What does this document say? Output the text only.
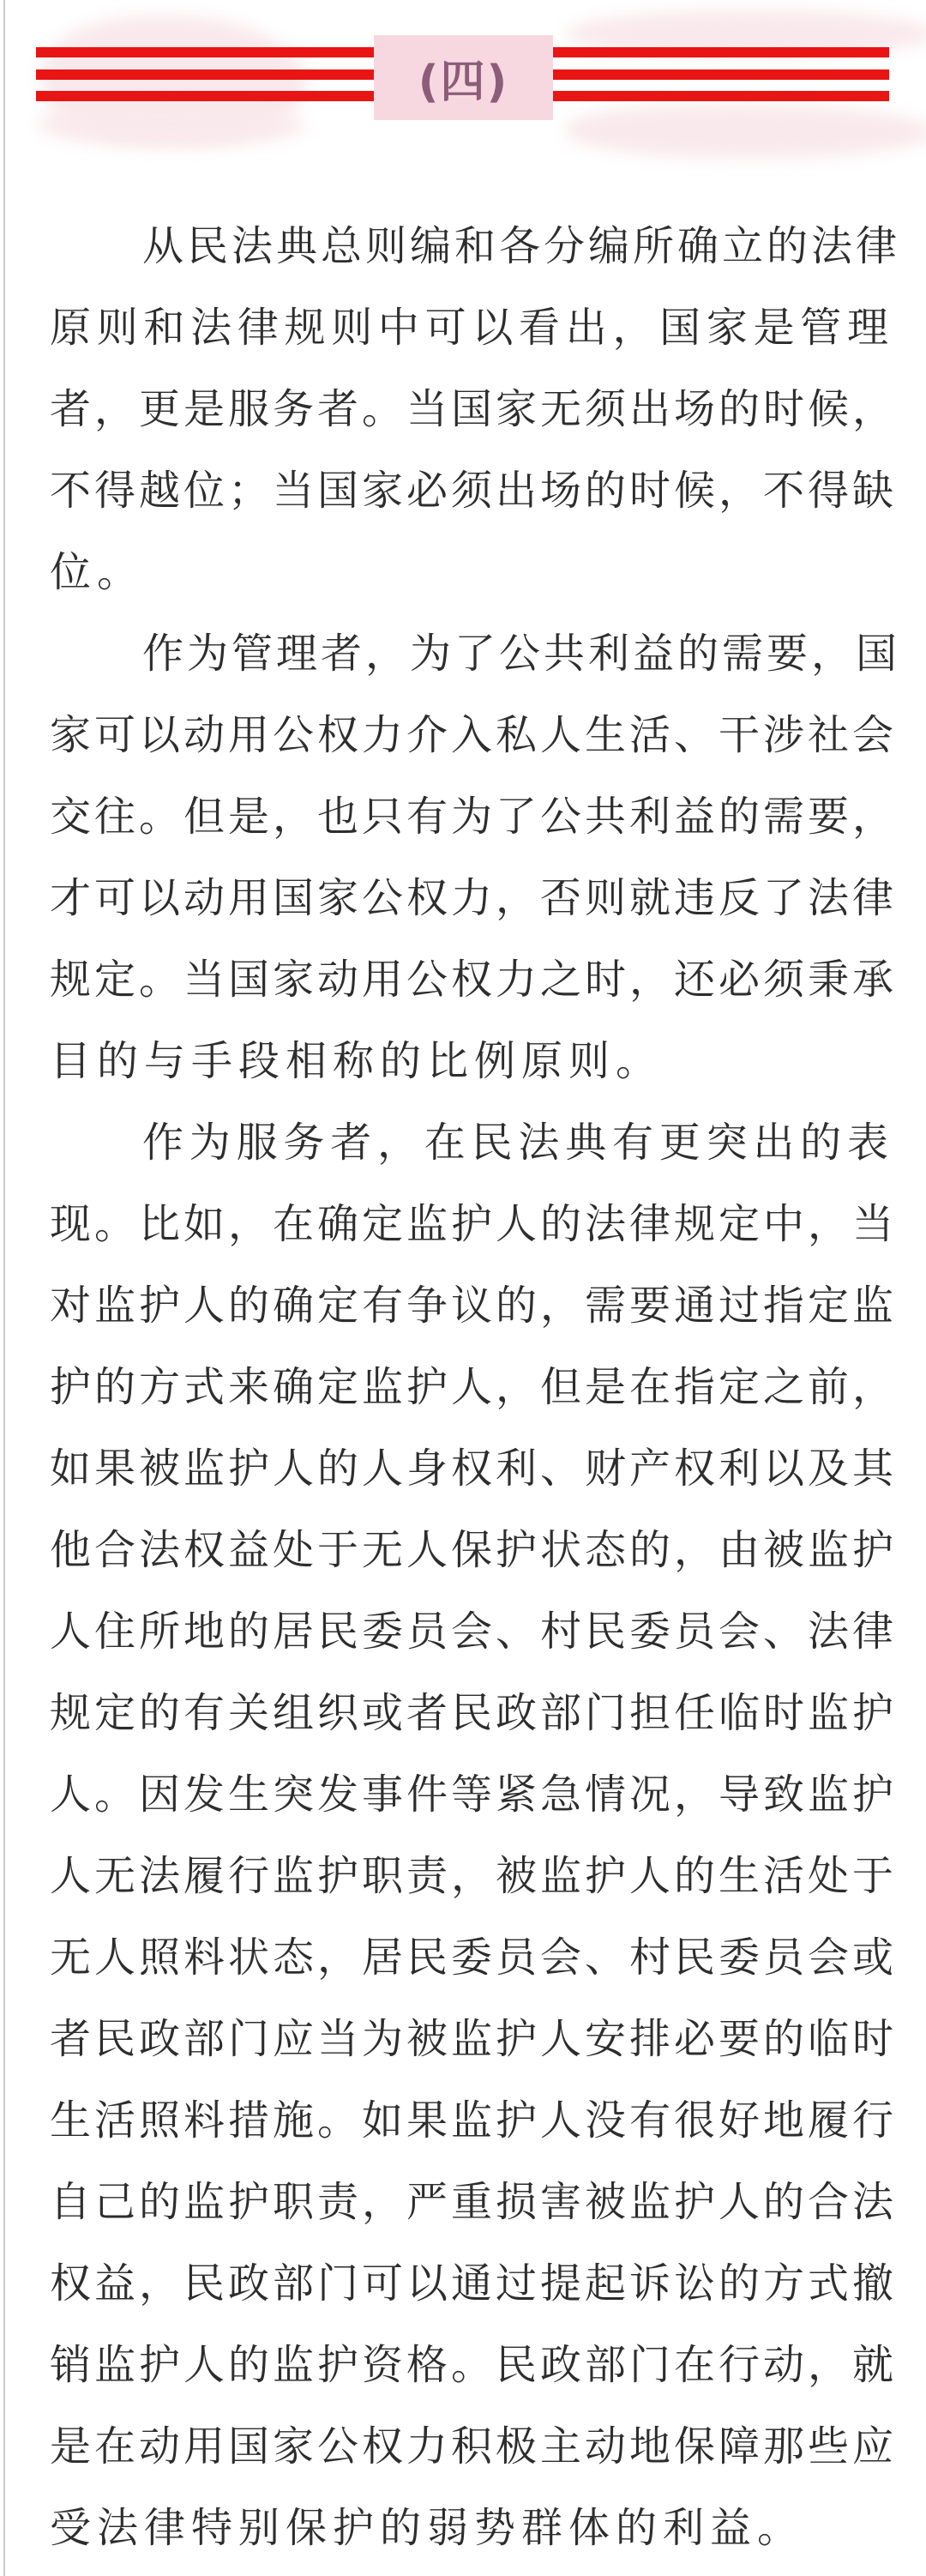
(四)
从民法典总则编和各分编所确立的法律
原则和法律规则中可以看出，国家是管理
者，更是服务者。当国家无须出场的时候，
不得越位；当国家必须出场的时候，不得缺
位。
作为管理者，为了公共利益的需要，国
家可以动用公权力介入私人生活、干涉社会
交往。但是，也只有为了公共利益的需要，
才可以动用国家公权力，否则就违反了法律
规定。当国家动用公权力之时，还必须秉承
目的与手段相称的比例原则。
作为服务者，在民法典有更突出的表
现。比如，在确定监护人的法律规定中，当
对监护人的确定有争议的，需要通过指定监
护的方式来确定监护人，但是在指定之前，
如果被监护人的人身权利、财产权利以及其
他合法权益处于无人保护状态的，由被监护
人住所地的居民委员会、村民委员会、法律
规定的有关组织或者民政部门担任临时监护
人。因发生突发事件等紧急情况，导致监护
人无法履行监护职责，被监护人的生活处于
无人照料状态，居民委员会、村民委员会或
者民政部门应当为被监护人安排必要的临时
生活照料措施。如果监护人没有很好地履行
自己的监护职责，严重损害被监护人的合法
权益，民政部门可以通过提起诉讼的方式撤
销监护人的监护资格。民政部门在行动，就
是在动用国家公权力积极主动地保障那些应
受法律特别保护的弱势群体的利益。
